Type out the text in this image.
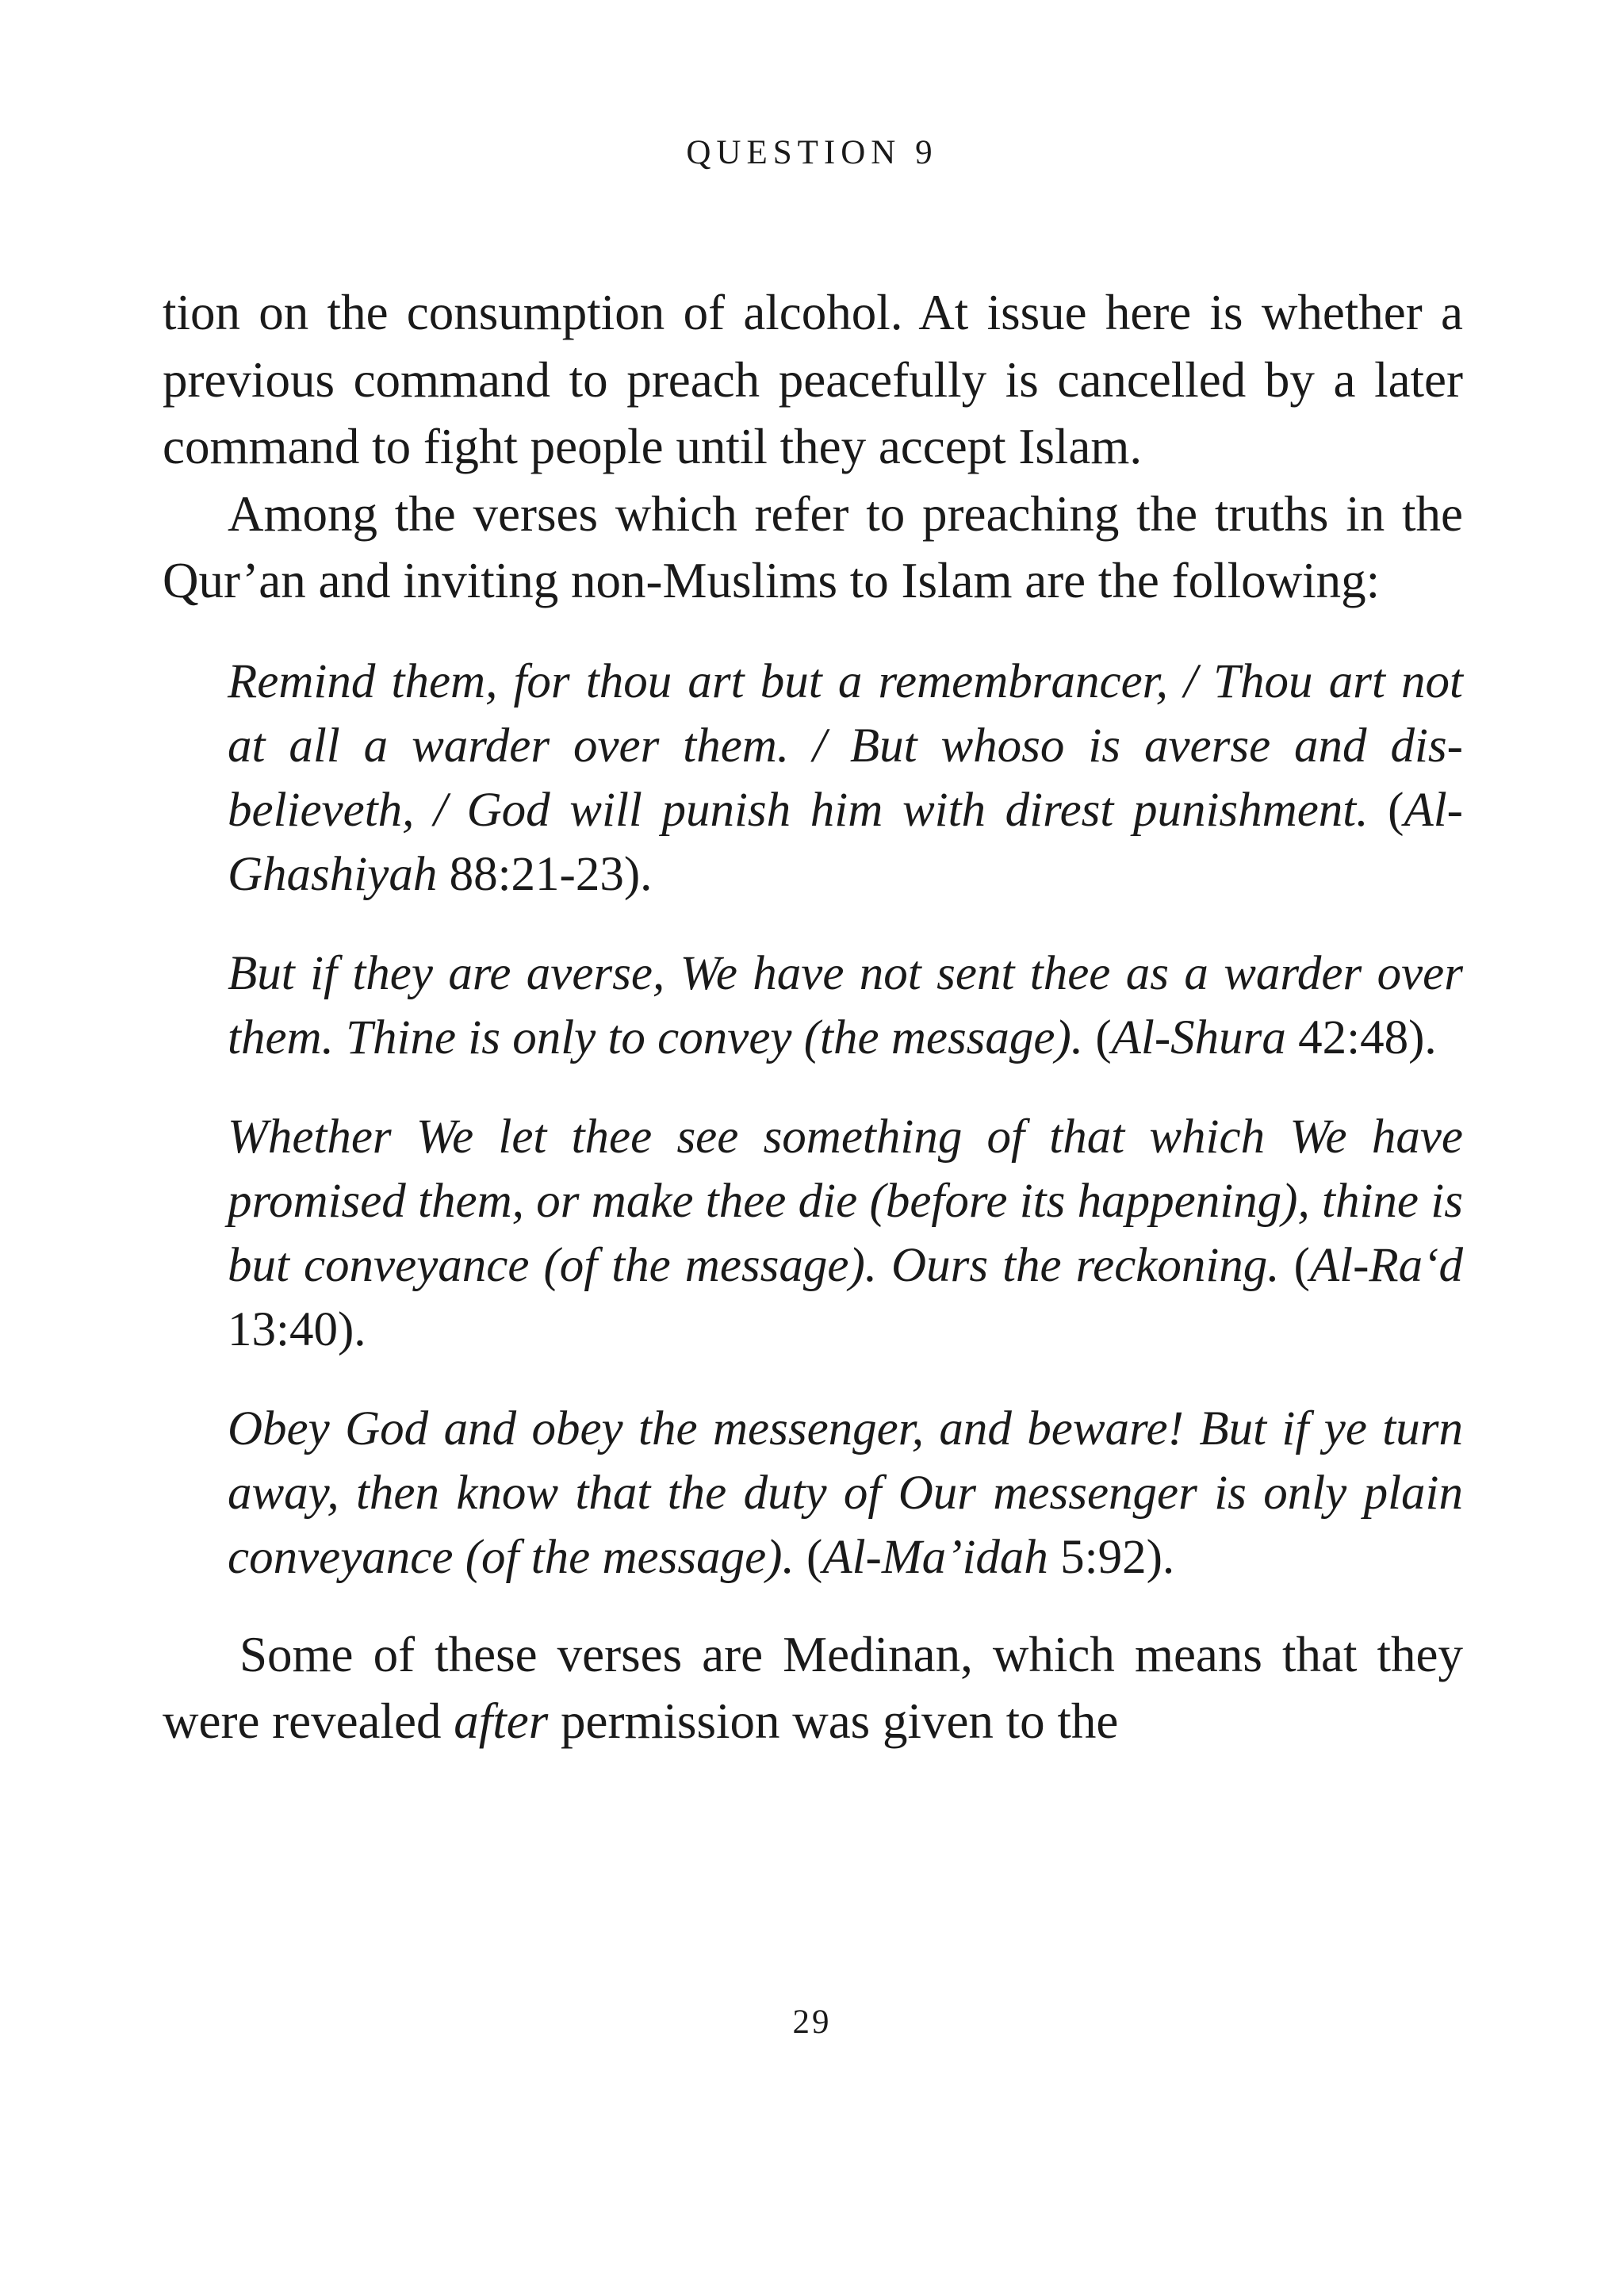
QUESTION 9

tion on the consumption of alcohol. At issue here is whether a previous command to preach peacefully is cancelled by a later command to fight people until they accept Islam.

Among the verses which refer to preaching the truths in the Qur’an and inviting non-Muslims to Islam are the following:

Remind them, for thou art but a remembrancer, / Thou art not at all a warder over them. / But whoso is averse and disbelieveth, / God will punish him with direst punishment. (Al-Ghashiyah 88:21-23).

But if they are averse, We have not sent thee as a warder over them. Thine is only to convey (the message). (Al-Shura 42:48).

Whether We let thee see something of that which We have promised them, or make thee die (before its happening), thine is but conveyance (of the message). Ours the reckoning. (Al-Ra‘d 13:40).

Obey God and obey the messenger, and beware! But if ye turn away, then know that the duty of Our messenger is only plain conveyance (of the message). (Al-Ma’idah 5:92).

Some of these verses are Medinan, which means that they were revealed after permission was given to the

29
